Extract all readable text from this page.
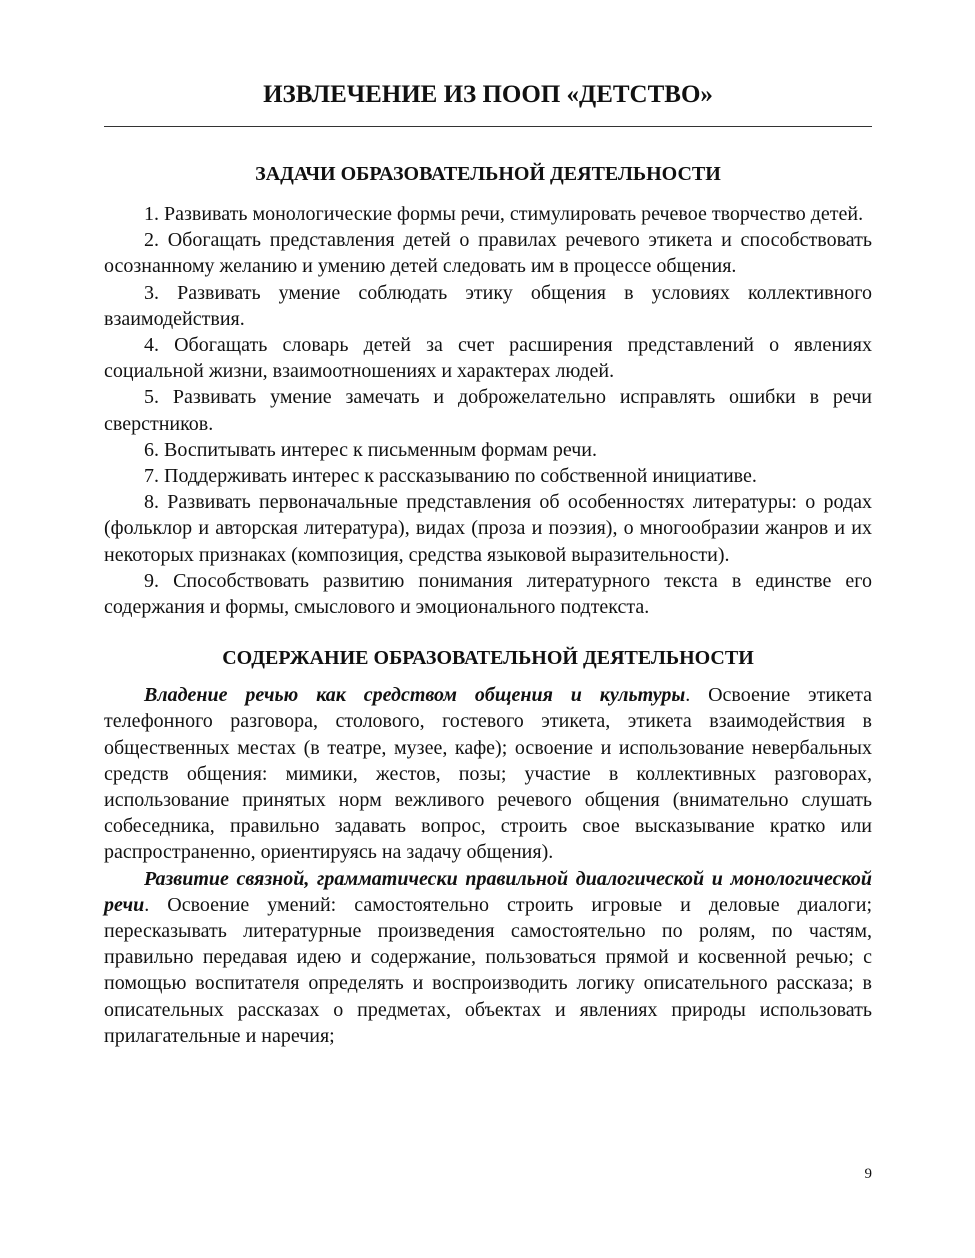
ИЗВЛЕЧЕНИЕ ИЗ ПООП «ДЕТСТВО»
ЗАДАЧИ ОБРАЗОВАТЕЛЬНОЙ ДЕЯТЕЛЬНОСТИ

1. Развивать монологические формы речи, стимулировать речевое творчество детей.

2. Обогащать представления детей о правилах речевого этикета и способствовать осознанному желанию и умению детей следовать им в процессе общения.

3. Развивать умение соблюдать этику общения в условиях коллективного взаимодействия.

4. Обогащать словарь детей за счет расширения представлений о явлениях социальной жизни, взаимоотношениях и характерах людей.

5. Развивать умение замечать и доброжелательно исправлять ошибки в речи сверстников.

6. Воспитывать интерес к письменным формам речи.

7. Поддерживать интерес к рассказыванию по собственной инициативе.

8. Развивать первоначальные представления об особенностях литературы: о родах (фольклор и авторская литература), видах (проза и поэзия), о многообразии жанров и их некоторых признаках (композиция, средства языковой выразительности).

9. Способствовать развитию понимания литературного текста в единстве его содержания и формы, смыслового и эмоционального подтекста.

СОДЕРЖАНИЕ ОБРАЗОВАТЕЛЬНОЙ ДЕЯТЕЛЬНОСТИ

Владение речью как средством общения и культуры. Освоение этикета телефонного разговора, столового, гостевого этикета, этикета взаимодействия в общественных местах (в театре, музее, кафе); освоение и использование невербальных средств общения: мимики, жестов, позы; участие в коллективных разговорах, использование принятых норм вежливого речевого общения (внимательно слушать собеседника, правильно задавать вопрос, строить свое высказывание кратко или распространенно, ориентируясь на задачу общения).

Развитие связной, грамматически правильной диалогической и монологической речи. Освоение умений: самостоятельно строить игровые и деловые диалоги; пересказывать литературные произведения самостоятельно по ролям, по частям, правильно передавая идею и содержание, пользоваться прямой и косвенной речью; с помощью воспитателя определять и воспроизводить логику описательного рассказа; в описательных рассказах о предметах, объектах и явлениях природы использовать прилагательные и наречия;

9
